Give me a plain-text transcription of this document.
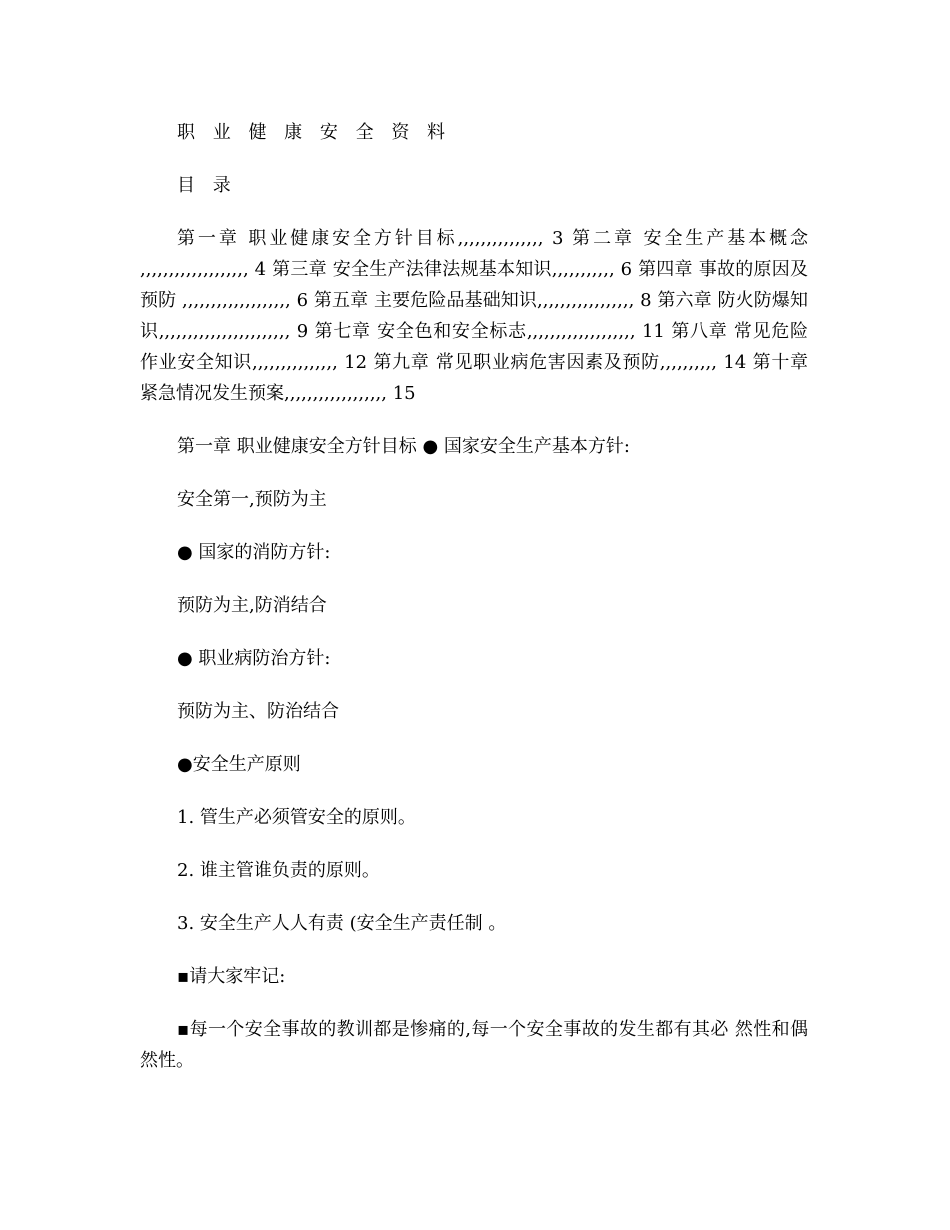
职 业 健 康 安 全 资 料

目 录

第一章 职业健康安全方针目标,,,,,,,,,,,,,,, 3 第二章 安全生产基本概念 ,,,,,,,,,,,,,,,,,,, 4 第三章 安全生产法律法规基本知识,,,,,,,,,,, 6 第四章 事故的原因及预防 ,,,,,,,,,,,,,,,,,,, 6 第五章 主要危险品基础知识,,,,,,,,,,,,,,,,, 8 第六章 防火防爆知识,,,,,,,,,,,,,,,,,,,,,,, 9 第七章 安全色和安全标志,,,,,,,,,,,,,,,,,,, 11 第八章 常见危险作业安全知识,,,,,,,,,,,,,,, 12 第九章 常见职业病危害因素及预防,,,,,,,,,, 14 第十章 紧急情况发生预案,,,,,,,,,,,,,,,,,, 15

第一章 职业健康安全方针目标 ● 国家安全生产基本方针:

安全第一,预防为主

● 国家的消防方针:

预防为主,防消结合

● 职业病防治方针:

预防为主、防治结合

●安全生产原则

1. 管生产必须管安全的原则。

2. 谁主管谁负责的原则。

3. 安全生产人人有责 (安全生产责任制 。

▪请大家牢记:

▪每一个安全事故的教训都是惨痛的,每一个安全事故的发生都有其必 然性和偶然性。
